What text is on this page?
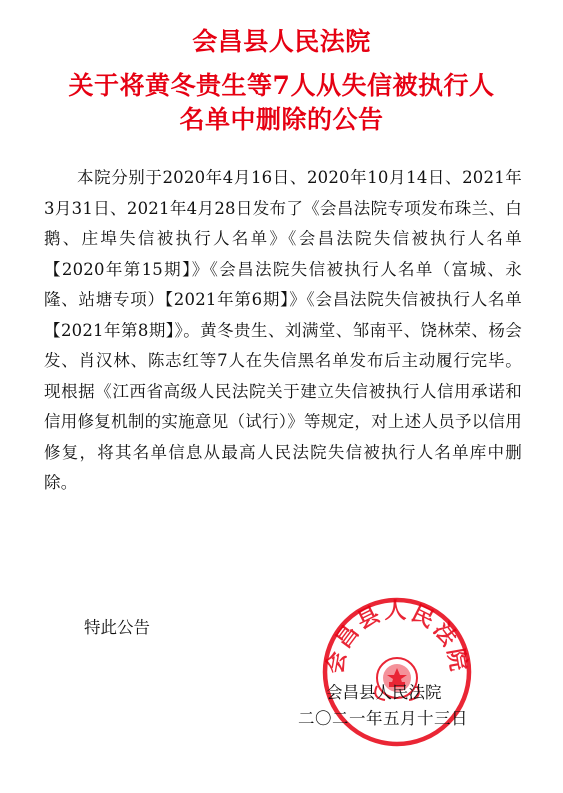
会昌县人民法院
关于将黄冬贵生等7人从失信被执行人
名单中删除的公告

本院分别于2020年4月16日、2020年10月14日、2021年3月31日、2021年4月28日发布了《会昌法院专项发布珠兰、白鹅、庄埠失信被执行人名单》《会昌法院失信被执行人名单【2020年第15期】》《会昌法院失信被执行人名单（富城、永隆、站塘专项）【2021年第6期】》《会昌法院失信被执行人名单【2021年第8期】》。黄冬贵生、刘满堂、邹南平、饶林荣、杨会发、肖汉林、陈志红等7人在失信黑名单发布后主动履行完毕。现根据《江西省高级人民法院关于建立失信被执行人信用承诺和信用修复机制的实施意见（试行）》等规定，对上述人员予以信用修复，将其名单信息从最高人民法院失信被执行人名单库中删除。

特此公告
会昌县人民法院
会昌县人民法院
二〇二一年五月十三日
